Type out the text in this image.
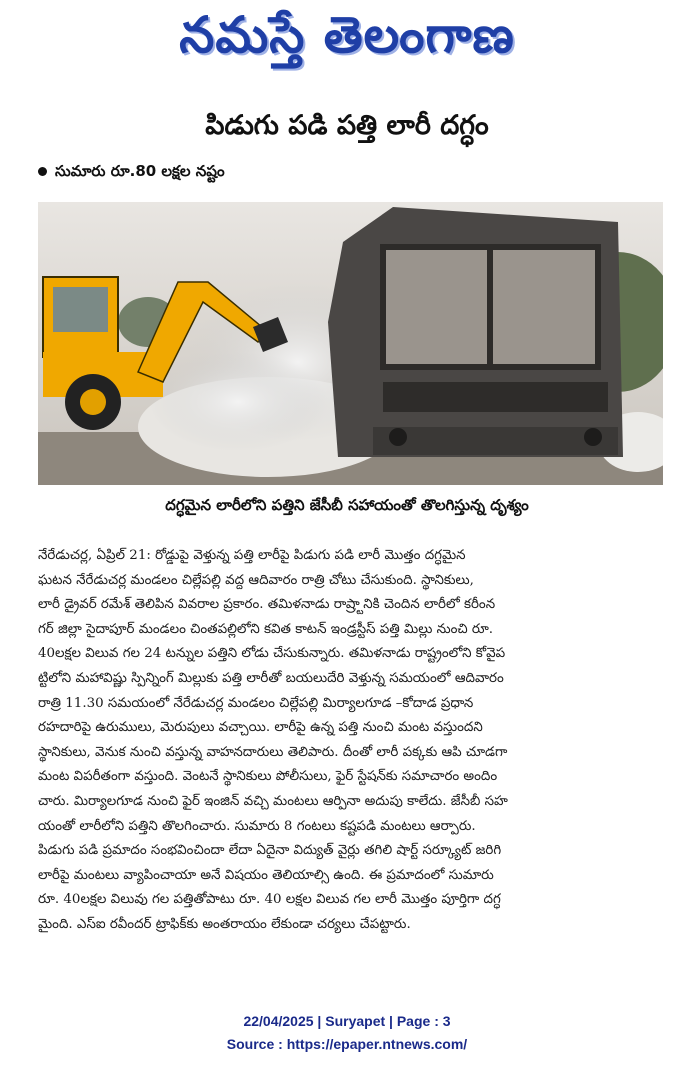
నమస్తే తెలంగాణ
పిడుగు పడి పత్తి లారీ దగ్ధం
సుమారు రూ.80 లక్షల నష్టం
దగ్ధమైన లారీలోని పత్తిని జేసీబీ సహాయంతో తొలగిస్తున్న దృశ్యం
నేరేడుచర్ల, ఏప్రిల్ 21: రోడ్డుపై వెళ్తున్న పత్తి లారీపై పిడుగు పడి లారీ మొత్తం దగ్ధమైన
ఘటన నేరేడుచర్ల మండలం చిల్లేపల్లి వద్ద ఆదివారం రాత్రి చోటు చేసుకుంది. స్థానికులు,
లారీ డ్రైవర్ రమేశ్ తెలిపిన వివరాల ప్రకారం. తమిళనాడు రాష్ర్టానికి చెందిన లారీలో కరీంన
గర్ జిల్లా సైదాపూర్ మండలం చింతపల్లిలోని కవిత కాటన్ ఇండ్రస్టీస్ పత్తి మిల్లు నుంచి రూ.
40లక్షల విలువ గల 24 టన్నుల పత్తిని లోడు చేసుకున్నారు. తమిళనాడు రాష్ట్రంలోని కోవైప
ట్టిలోని మహావిష్ణు స్పిన్నింగ్ మిల్లుకు పత్తి లారీతో బయలుదేరి వెళ్తున్న సమయంలో ఆదివారం
రాత్రి 11.30 సమయంలో నేరేడుచర్ల మండలం చిల్లేపల్లి మిర్యాలగూడ –కోదాడ ప్రధాన
రహదారిపై ఉరుములు, మెరుపులు వచ్చాయి. లారీపై ఉన్న పత్తి నుంచి మంట వస్తుందని
స్థానికులు, వెనుక నుంచి వస్తున్న వాహనదారులు తెలిపారు. దీంతో లారీ పక్కకు ఆపి చూడగా
మంట విపరీతంగా వస్తుంది. వెంటనే స్థానికులు పోలీసులు, ఫైర్ స్టేషన్‌కు సమాచారం అందిం
చారు. మిర్యాలగూడ నుంచి ఫైర్ ఇంజిన్ వచ్చి మంటలు ఆర్పినా అదుపు కాలేదు. జేసీబీ సహ
యంతో లారీలోని పత్తిని తొలగించారు. సుమారు 8 గంటలు కష్టపడి మంటలు ఆర్పారు.
పిడుగు పడి ప్రమాదం సంభవించిందా లేదా ఏదైనా విద్యుత్ వైర్లు తగిలి షార్ట్ సర్క్యూట్ జరిగి
లారీపై మంటలు వ్యాపించాయా అనే విషయం తెలియాల్సి ఉంది. ఈ ప్రమాదంలో సుమారు
రూ. 40లక్షల విలువు గల పత్తితోపాటు రూ. 40 లక్షల విలువ గల లారీ మొత్తం పూర్తిగా దగ్ధ
మైంది. ఎస్ఐ రవీందర్ ట్రాఫిక్‌కు అంతరాయం లేకుండా చర్యలు చేపట్టారు.
22/04/2025 | Suryapet | Page : 3
Source : https://epaper.ntnews.com/
